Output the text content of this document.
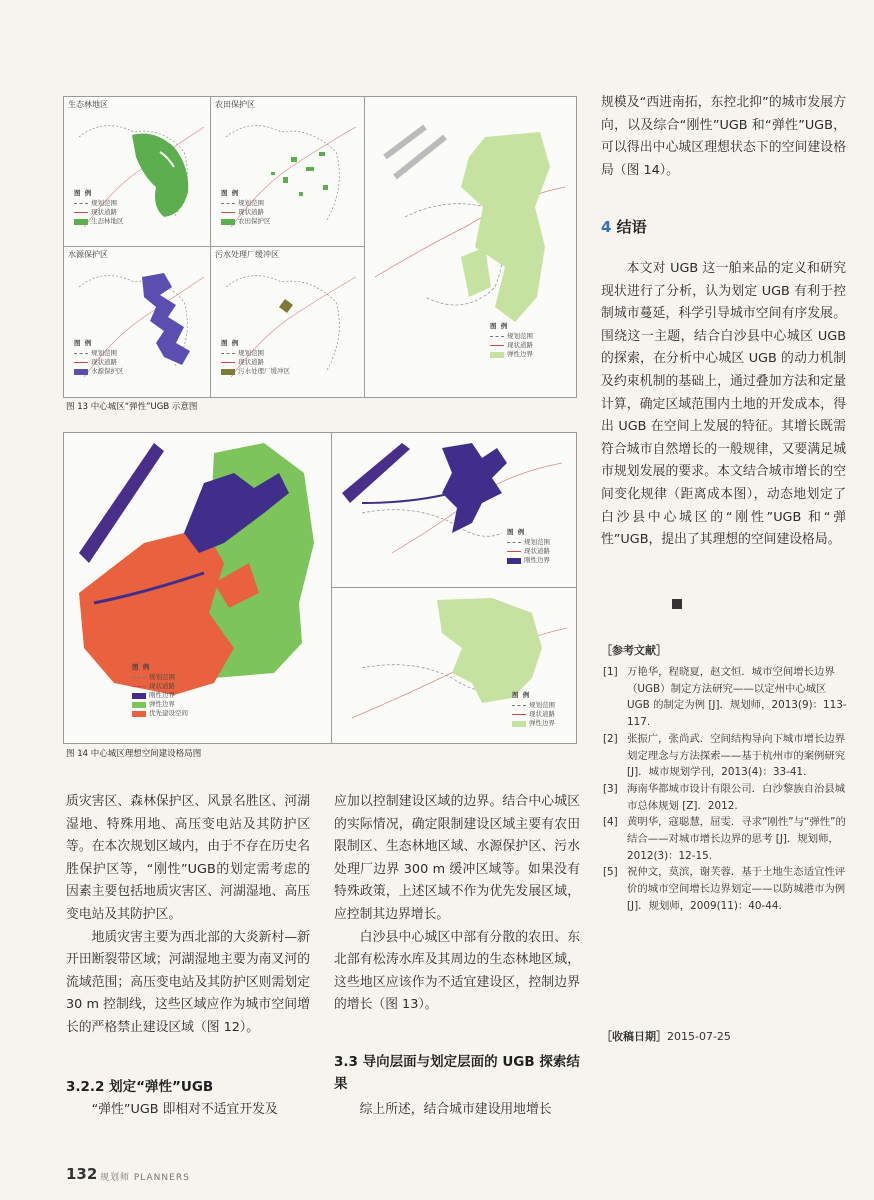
生态林地区
图 例
规划范围
现状道路
生态林地区
农田保护区
图 例
规划范围
现状道路
农田保护区
水源保护区
图 例
规划范围
现状道路
水源保护区
污水处理厂缓冲区
图 例
规划范围
现状道路
污水处理厂缓冲区
图 例
规划范围
现状道路
弹性边界
图 13 中心城区“弹性”UGB 示意图
图 例
规划范围
现状道路
刚性边界
弹性边界
优先建设空间
图 例
规划范围
现状道路
刚性边界
图 例
规划范围
现状道路
弹性边界
图 14 中心城区理想空间建设格局图

质灾害区、森林保护区、风景名胜区、河湖湿地、特殊用地、高压变电站及其防护区等。在本次规划区域内，由于不存在历史名胜保护区等，“刚性”UGB的划定需考虑的因素主要包括地质灾害区、河湖湿地、高压变电站及其防护区。

地质灾害主要为西北部的大炎新村—新开田断裂带区域；河湖湿地主要为南叉河的流域范围；高压变电站及其防护区则需划定 30 m 控制线，这些区域应作为城市空间增长的严格禁止建设区域（图 12）。

3.2.2 划定“弹性”UGB

“弹性”UGB 即相对不适宜开发及

应加以控制建设区域的边界。结合中心城区的实际情况，确定限制建设区域主要有农田限制区、生态林地区域、水源保护区、污水处理厂边界 300 m 缓冲区域等。如果没有特殊政策，上述区域不作为优先发展区域，应控制其边界增长。

白沙县中心城区中部有分散的农田、东北部有松涛水库及其周边的生态林地区域，这些地区应该作为不适宜建设区，控制边界的增长（图 13）。

3.3 导向层面与划定层面的 UGB 探索结果

综上所述，结合城市建设用地增长

规模及“西进南拓，东控北抑”的城市发展方向，以及综合“刚性”UGB 和“弹性”UGB，可以得出中心城区理想状态下的空间建设格局（图 14）。

4 结语

本文对 UGB 这一舶来品的定义和研究现状进行了分析，认为划定 UGB 有利于控制城市蔓延，科学引导城市空间有序发展。围绕这一主题，结合白沙县中心城区 UGB 的探索，在分析中心城区 UGB 的动力机制及约束机制的基础上，通过叠加方法和定量计算，确定区域范围内土地的开发成本，得出 UGB 在空间上发展的特征。其增长既需符合城市自然增长的一般规律，又要满足城市规划发展的要求。本文结合城市增长的空间变化规律（距离成本图），动态地划定了白沙县中心城区的“刚性”UGB 和“弹性”UGB，提出了其理想的空间建设格局。

［参考文献］
[1] 万艳华，程晓夏，赵文恒．城市空间增长边界（UGB）制定方法研究——以定州中心城区 UGB 的制定为例 [J]．规划师，2013(9)：113-117.
[2] 张振广，张尚武．空间结构导向下城市增长边界划定理念与方法探索——基于杭州市的案例研究 [J]．城市规划学刊，2013(4)：33-41.
[3] 海南华都城市设计有限公司．白沙黎族自治县城市总体规划 [Z]．2012.
[4] 黄明华，寇聪慧，屈雯．寻求“刚性”与“弹性”的结合——对城市增长边界的思考 [J]．规划师，2012(3)：12-15.
[5] 祝仲文，莫滨，谢芙蓉．基于土地生态适宜性评价的城市空间增长边界划定——以防城港市为例 [J]．规划师，2009(11)：40-44.
［收稿日期］2015-07-25
132 规划师 PLANNERS
